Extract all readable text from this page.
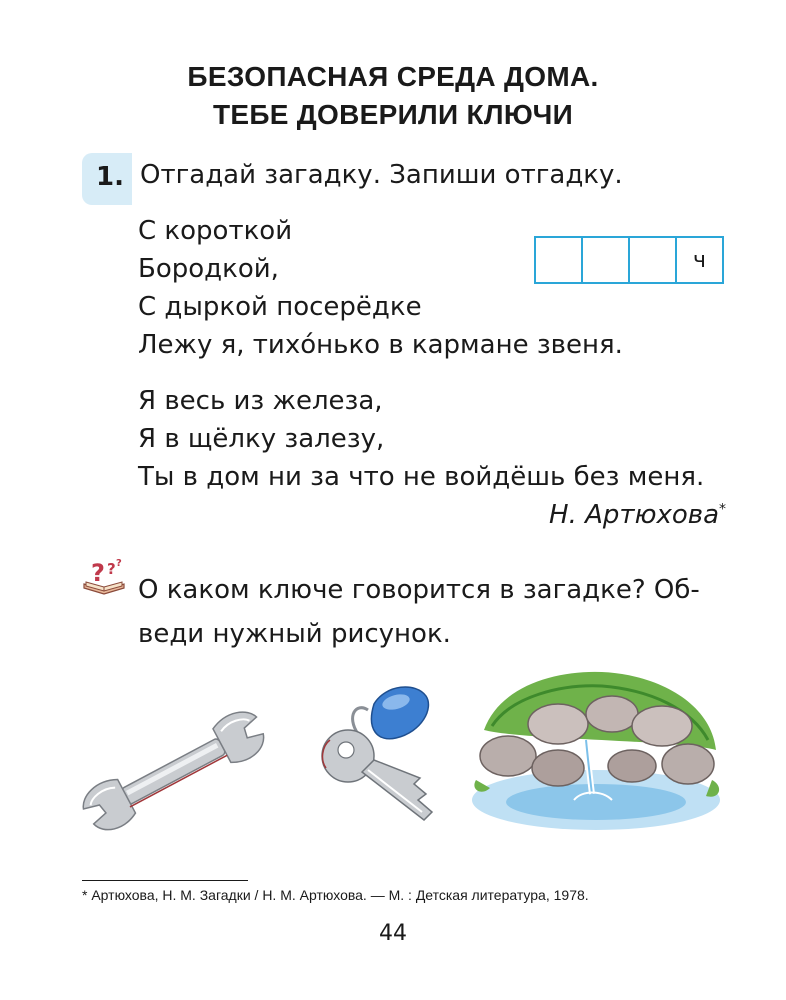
БЕЗОПАСНАЯ СРЕДА ДОМА.
ТЕБЕ ДОВЕРИЛИ КЛЮЧИ
1. Отгадай загадку. Запиши отгадку.
С короткой
Бородкой,
С дыркой посерёдке
Лежу я, тихо́нько в кармане звеня.
ч
Я весь из железа,
Я в щёлку залезу,
Ты в дом ни за что не войдёшь без меня.
Н. Артюхова*
? ? ?
О каком ключе говорится в загадке? Об-
веди нужный рисунок.
* Артюхова, Н. М. Загадки / Н. М. Артюхова. — М. : Детская литература, 1978.
44
